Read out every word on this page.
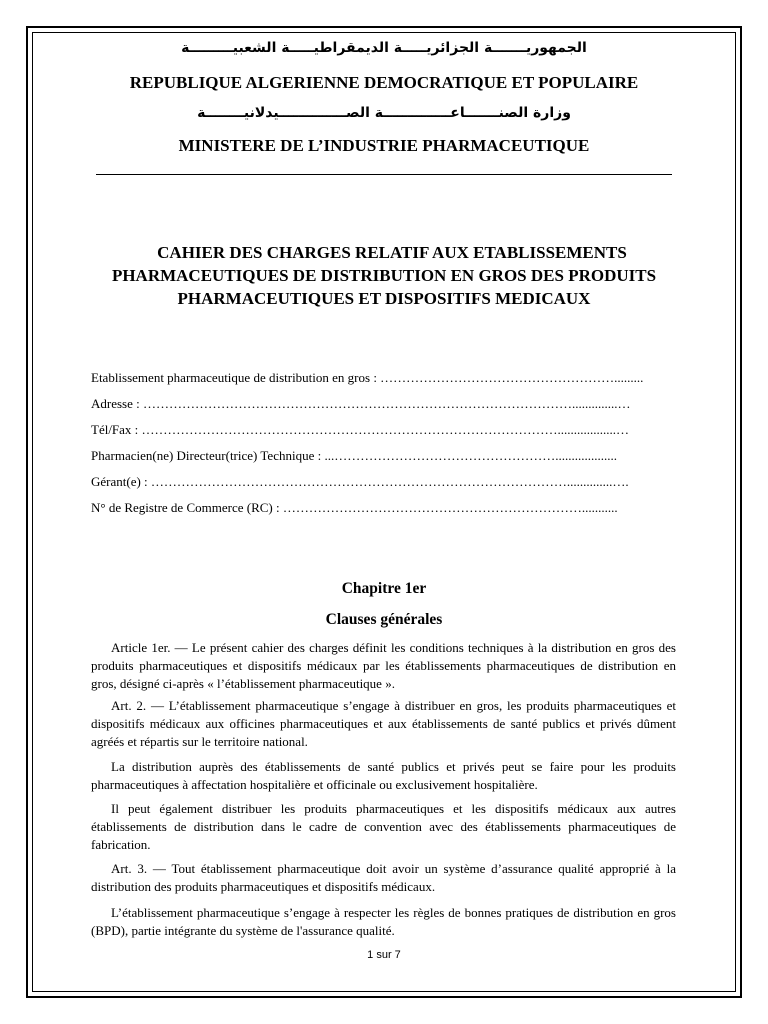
الجمهوريـــــــة الجزائريـــــة الديمقراطيـــــة الشعبيـــــــــة
REPUBLIQUE ALGERIENNE DEMOCRATIQUE ET POPULAIRE
وزارة الصنـــــــاعــــــــــــــة الصــــــــــــــيدلانيــــــــة
MINISTERE DE L’INDUSTRIE PHARMACEUTIQUE
CAHIER DES CHARGES RELATIF AUX ETABLISSEMENTS
PHARMACEUTIQUES DE DISTRIBUTION EN GROS DES PRODUITS
PHARMACEUTIQUES ET DISPOSITIFS MEDICAUX
Etablissement pharmaceutique de distribution en gros : ……………………………………………….........
Adresse : ………………………………………………………………………………………..............…
Tél/Fax : ……………………………………………………………………………………..................…
Pharmacien(ne) Directeur(trice) Technique : ...……………………………………………...................
Gérant(e) : ……………………………………………………………………………………..............….
N° de Registre de Commerce (RC) : ……………………………………………………………...........
Chapitre 1er
Clauses générales

Article 1er. — Le présent cahier des charges définit les conditions techniques à la distribution en gros des produits pharmaceutiques et dispositifs médicaux par les établissements pharmaceutiques de distribution en gros, désigné ci-après « l’établissement pharmaceutique ».

Art. 2. — L’établissement pharmaceutique s’engage à distribuer en gros, les produits pharmaceutiques et dispositifs médicaux aux officines pharmaceutiques et aux établissements de santé publics et privés dûment agréés et répartis sur le territoire national.

La distribution auprès des établissements de santé publics et privés peut se faire pour les produits pharmaceutiques à affectation hospitalière et officinale ou exclusivement hospitalière.

Il peut également distribuer les produits pharmaceutiques et les dispositifs médicaux aux autres établissements de distribution dans le cadre de convention avec des établissements pharmaceutiques de fabrication.

Art. 3. — Tout établissement pharmaceutique doit avoir un système d’assurance qualité approprié à la distribution des produits pharmaceutiques et dispositifs médicaux.

L’établissement pharmaceutique s’engage à respecter les règles de bonnes pratiques de distribution en gros (BPD), partie intégrante du système de l'assurance qualité.

1 sur 7
